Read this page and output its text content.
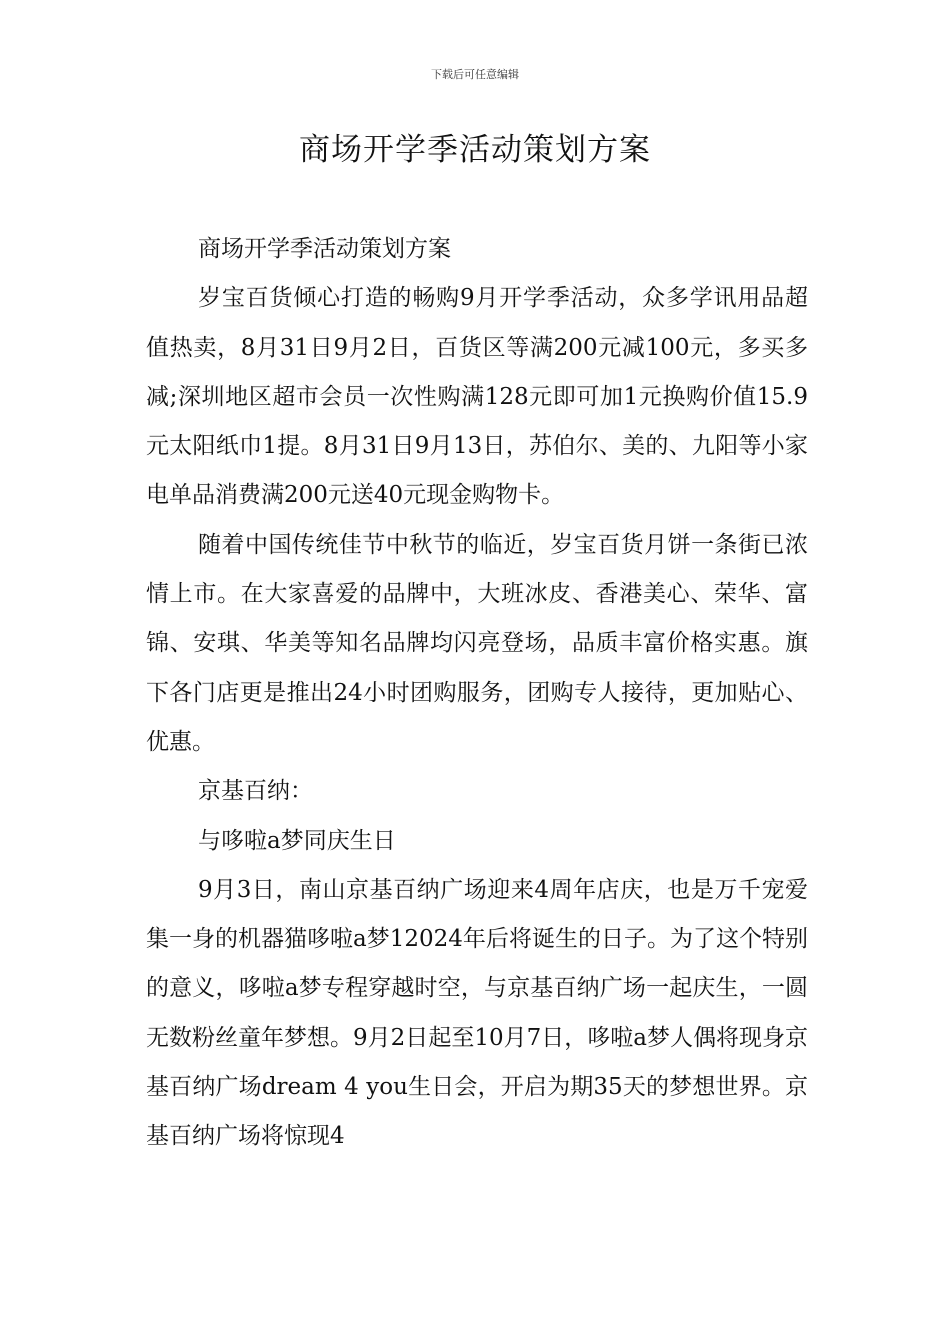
下载后可任意编辑
商场开学季活动策划方案

商场开学季活动策划方案

岁宝百货倾心打造的畅购9月开学季活动，众多学讯用品超值热卖，8月31日9月2日，百货区等满200元减100元，多买多减;深圳地区超市会员一次性购满128元即可加1元换购价值15.9元太阳纸巾1提。8月31日9月13日，苏伯尔、美的、九阳等小家电单品消费满200元送40元现金购物卡。

随着中国传统佳节中秋节的临近，岁宝百货月饼一条街已浓情上市。在大家喜爱的品牌中，大班冰皮、香港美心、荣华、富锦、安琪、华美等知名品牌均闪亮登场，品质丰富价格实惠。旗下各门店更是推出24小时团购服务，团购专人接待，更加贴心、优惠。

京基百纳：

与哆啦a梦同庆生日

9月3日，南山京基百纳广场迎来4周年店庆，也是万千宠爱集一身的机器猫哆啦a梦12024年后将诞生的日子。为了这个特别的意义，哆啦a梦专程穿越时空，与京基百纳广场一起庆生，一圆无数粉丝童年梦想。9月2日起至10月7日，哆啦a梦人偶将现身京基百纳广场dream 4 you生日会，开启为期35天的梦想世界。京基百纳广场将惊现4
